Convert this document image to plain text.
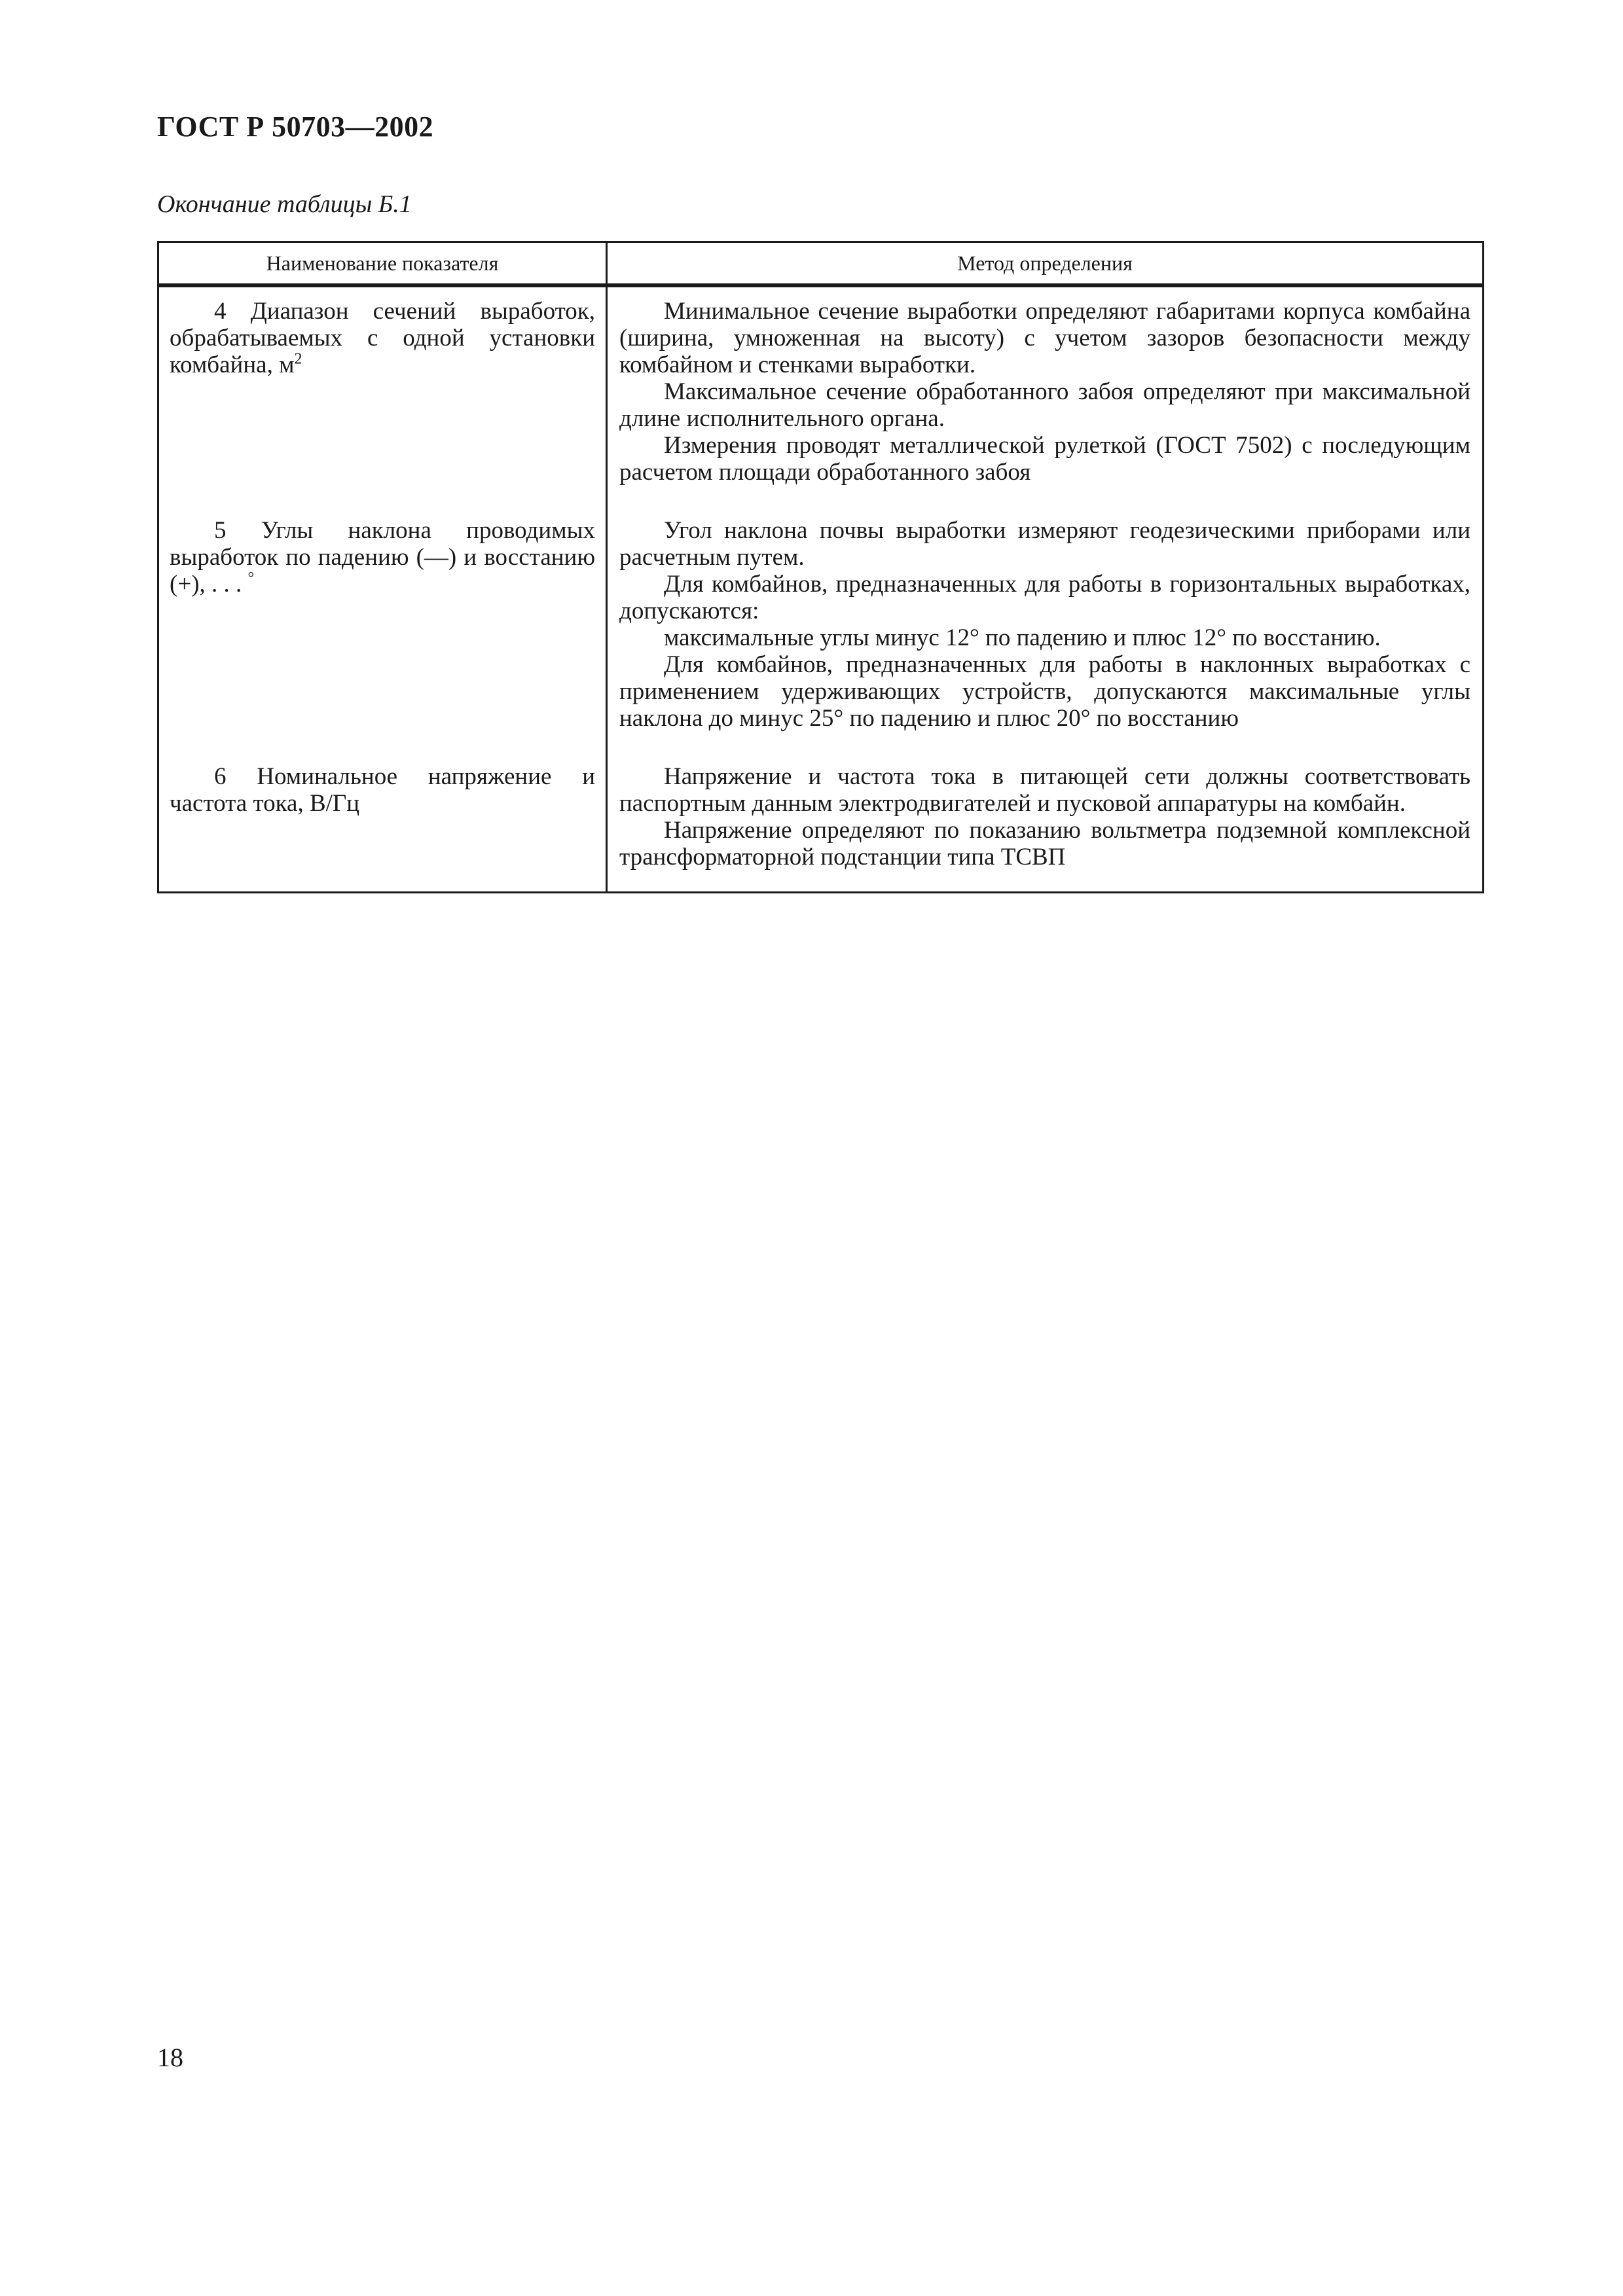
ГОСТ Р 50703—2002
Окончание таблицы Б.1
Наименование показателя	Метод определения

4 Диапазон сечений выработок, обрабатываемых с одной установки комбайна, $м^2$	Минимальное сечение выработки определяют габаритами корпуса комбайна (ширина, умноженная на высоту) с учетом зазоров безопасности между комбайном и стенками выработки.

Максимальное сечение обработанного забоя определяют при максимальной длине исполнительного органа.

Измерения проводят металлической рулеткой (ГОСТ 7502) с последующим расчетом площади обработанного забоя

5 Углы наклона проводимых выработок по падению (—) и восстанию (+), . . . °	Угол наклона почвы выработки измеряют геодезическими приборами или расчетным путем.

Для комбайнов, предназначенных для работы в горизонтальных выработках, допускаются:

максимальные углы минус 12° по падению и плюс 12° по восстанию.

Для комбайнов, предназначенных для работы в наклонных выработках с применением удерживающих устройств, допускаются максимальные углы наклона до минус 25° по падению и плюс 20° по восстанию

6 Номинальное напряжение и частота тока, В/Гц	Напряжение и частота тока в питающей сети должны соответствовать паспортным данным электродвигателей и пусковой аппаратуры на комбайн.

Напряжение определяют по показанию вольтметра подземной комплексной трансформаторной подстанции типа ТСВП

18
